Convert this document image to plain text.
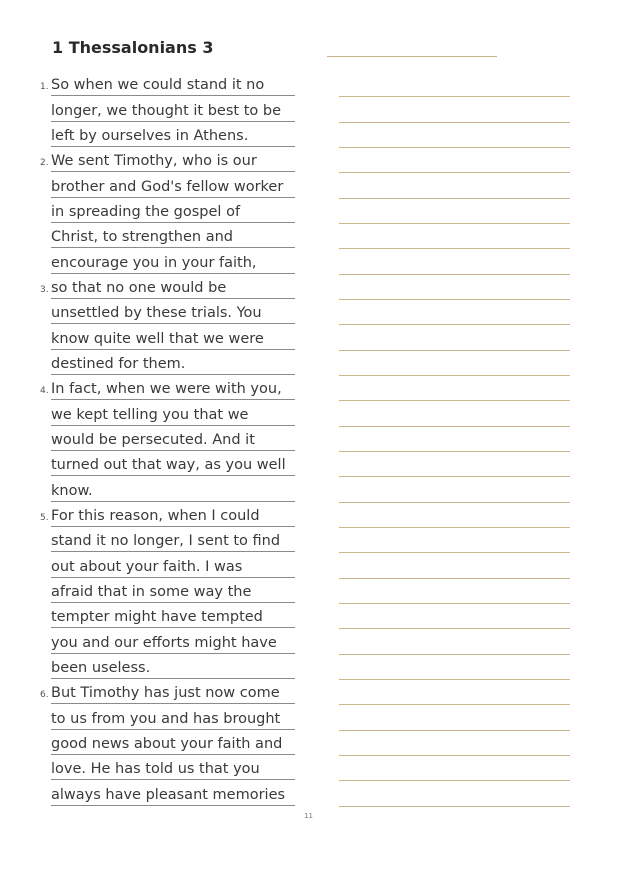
1 Thessalonians 3
1. So when we could stand it no
longer, we thought it best to be
left by ourselves in Athens.
2. We sent Timothy, who is our
brother and God's fellow worker
in spreading the gospel of
Christ, to strengthen and
encourage you in your faith,
3. so that no one would be
unsettled by these trials. You
know quite well that we were
destined for them.
4. In fact, when we were with you,
we kept telling you that we
would be persecuted. And it
turned out that way, as you well
know.
5. For this reason, when I could
stand it no longer, I sent to find
out about your faith. I was
afraid that in some way the
tempter might have tempted
you and our efforts might have
been useless.
6. But Timothy has just now come
to us from you and has brought
good news about your faith and
love. He has told us that you
always have pleasant memories
11
